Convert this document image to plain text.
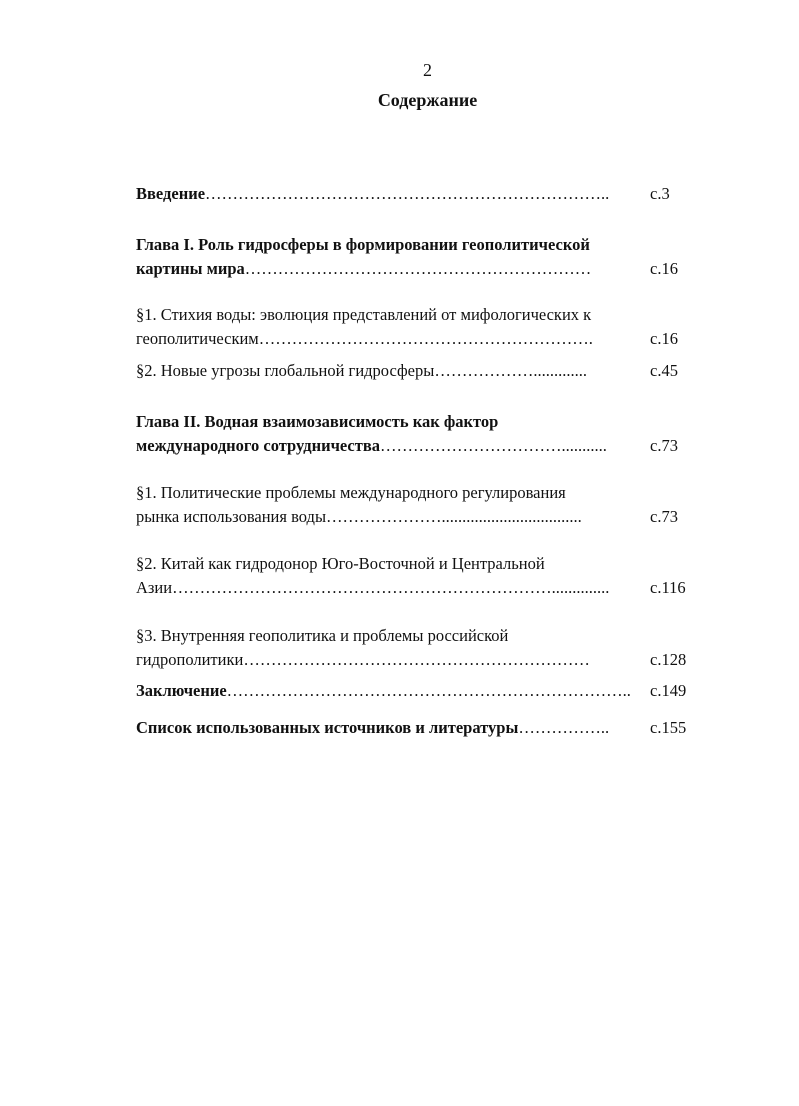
2
Содержание
Введение………………………………………………………………..	с.3
Глава I. Роль гидросферы в формировании геополитической
картины мира………………………………………………………	с.16
§1. Стихия воды: эволюция представлений от мифологических к
геополитическим…………………………………………………….	с.16
§2. Новые угрозы глобальной гидросферы……………….............	с.45
Глава II. Водная взаимозависимость как фактор
международного сотрудничества……………………………...........	с.73
§1. Политические проблемы международного регулирования
рынка использования воды…………………..................................	с.73
§2. Китай как гидродонор Юго-Восточной и Центральной
Азии……………………………………………………………..............	с.116
§3. Внутренняя геополитика и проблемы российской
гидрополитики………………………………………………………	с.128
Заключение………………………………………………………………..	с.149
Список использованных источников и литературы……………..	с.155
